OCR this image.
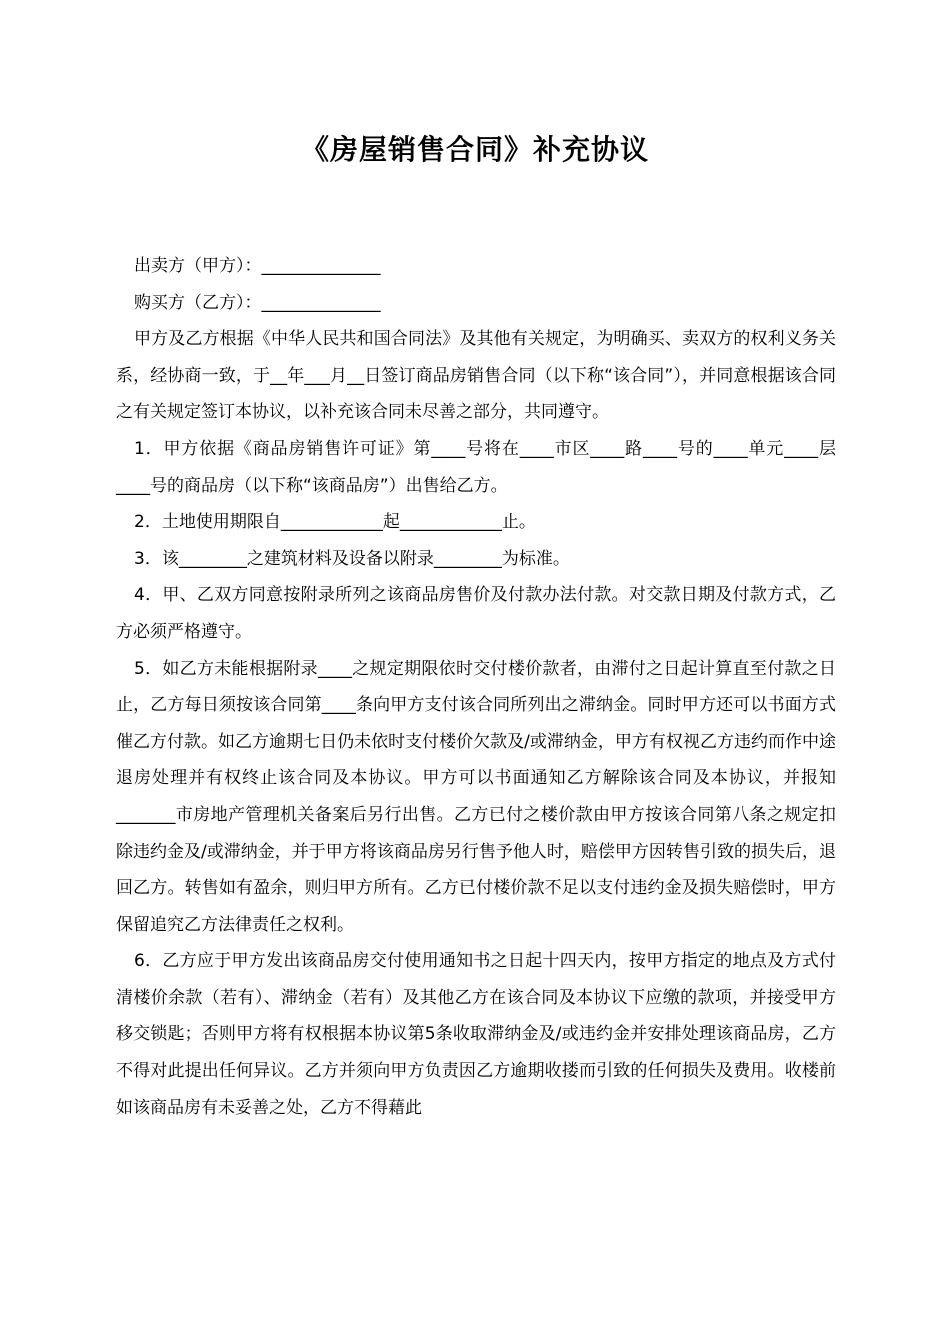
《房屋销售合同》补充协议

出卖方（甲方）：______________

购买方（乙方）：______________

甲方及乙方根据《中华人民共和国合同法》及其他有关规定，为明确买、卖双方的权利义务关系，经协商一致，于__年___月__日签订商品房销售合同（以下称“该合同”），并同意根据该合同之有关规定签订本协议，以补充该合同未尽善之部分，共同遵守。

1．甲方依据《商品房销售许可证》第____号将在____市区____路____号的____单元____层____号的商品房（以下称“该商品房”）出售给乙方。

2．土地使用期限自____________起____________止。

3．该________之建筑材料及设备以附录________为标准。

4．甲、乙双方同意按附录所列之该商品房售价及付款办法付款。对交款日期及付款方式，乙方必须严格遵守。

5．如乙方未能根据附录____之规定期限依时交付楼价款者，由滞付之日起计算直至付款之日止，乙方每日须按该合同第____条向甲方支付该合同所列出之滞纳金。同时甲方还可以书面方式催乙方付款。如乙方逾期七日仍未依时支付楼价欠款及/或滞纳金，甲方有权视乙方违约而作中途退房处理并有权终止该合同及本协议。甲方可以书面通知乙方解除该合同及本协议，并报知_______市房地产管理机关备案后另行出售。乙方已付之楼价款由甲方按该合同第八条之规定扣除违约金及/或滞纳金，并于甲方将该商品房另行售予他人时，赔偿甲方因转售引致的损失后，退回乙方。转售如有盈余，则归甲方所有。乙方已付楼价款不足以支付违约金及损失赔偿时，甲方保留追究乙方法律责任之权利。

6．乙方应于甲方发出该商品房交付使用通知书之日起十四天内，按甲方指定的地点及方式付清楼价余款（若有）、滞纳金（若有）及其他乙方在该合同及本协议下应缴的款项，并接受甲方移交锁匙；否则甲方将有权根据本协议第5条收取滞纳金及/或违约金并安排处理该商品房，乙方不得对此提出任何异议。乙方并须向甲方负责因乙方逾期收搂而引致的任何损失及费用。收楼前如该商品房有未妥善之处，乙方不得藉此
